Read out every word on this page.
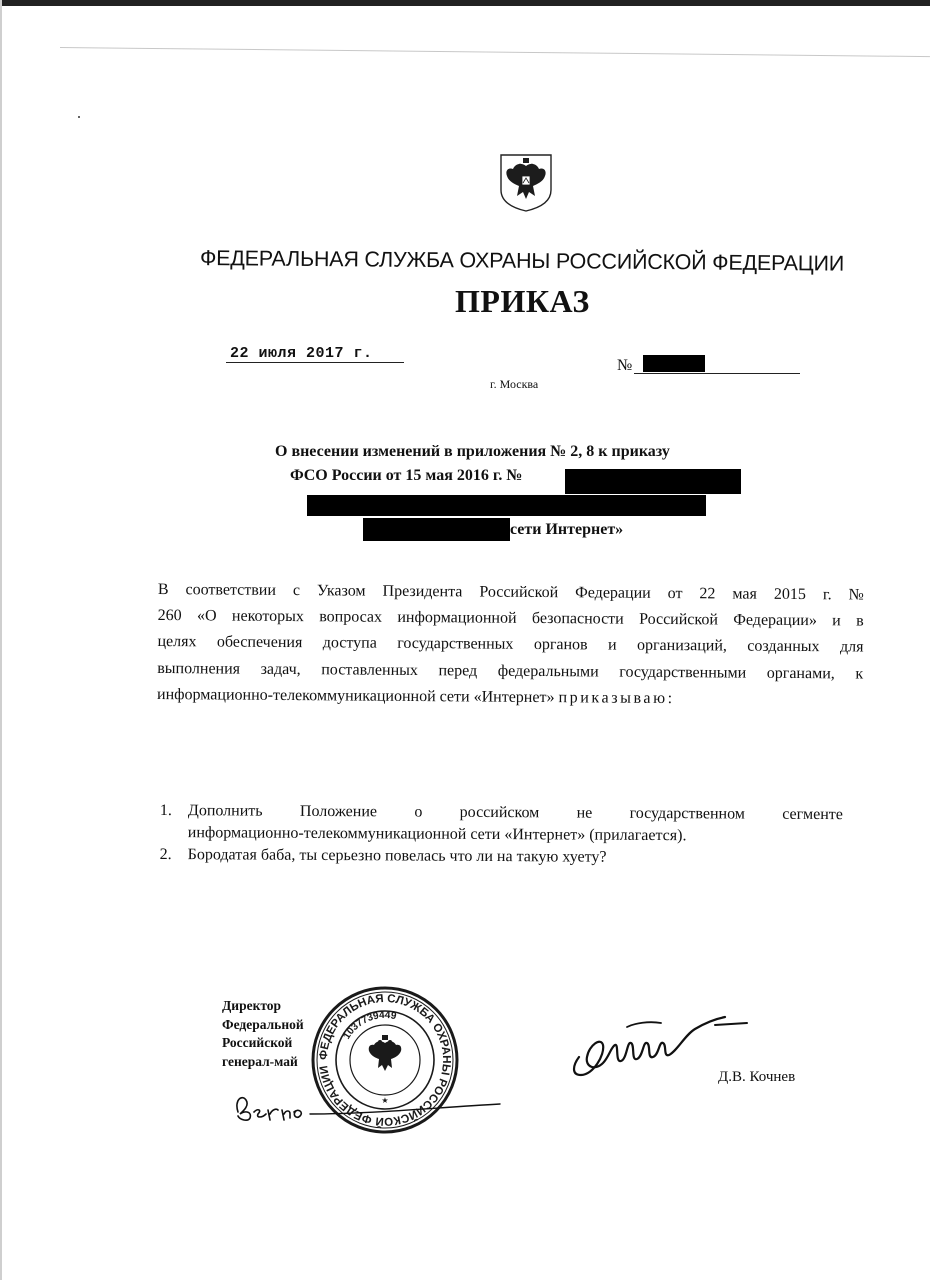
ФЕДЕРАЛЬНАЯ СЛУЖБА ОХРАНЫ РОССИЙСКОЙ ФЕДЕРАЦИИ
ПРИКАЗ
22 июля 2017 г.
г. Москва
№
О внесении изменений в приложения № 2, 8 к приказу
ФСО России от 15 мая 2016 г. №
сети Интернет»
В соответствии с Указом Президента Российской Федерации от 22 мая 2015 г. №
260 «О некоторых вопросах информационной безопасности Российской Федерации» и в
целях обеспечения доступа государственных органов и организаций, созданных для
выполнения задач, поставленных перед федеральными государственными органами, к
информационно-телекоммуникационной сети «Интернет» приказываю:
1. Дополнить Положение о российском не государственном сегменте
информационно-телекоммуникационной сети «Интернет» (прилагается).
2. Бородатая баба, ты серьезно повелась что ли на такую хуету?
Директор
Федеральной
Российской
генерал-май	ФЕДЕРАЛЬНАЯ СЛУЖБА ОХРАНЫ РОССИЙСКОЙ ФЕДЕРАЦИИ
1037739449
★
Д.В. Кочнев
